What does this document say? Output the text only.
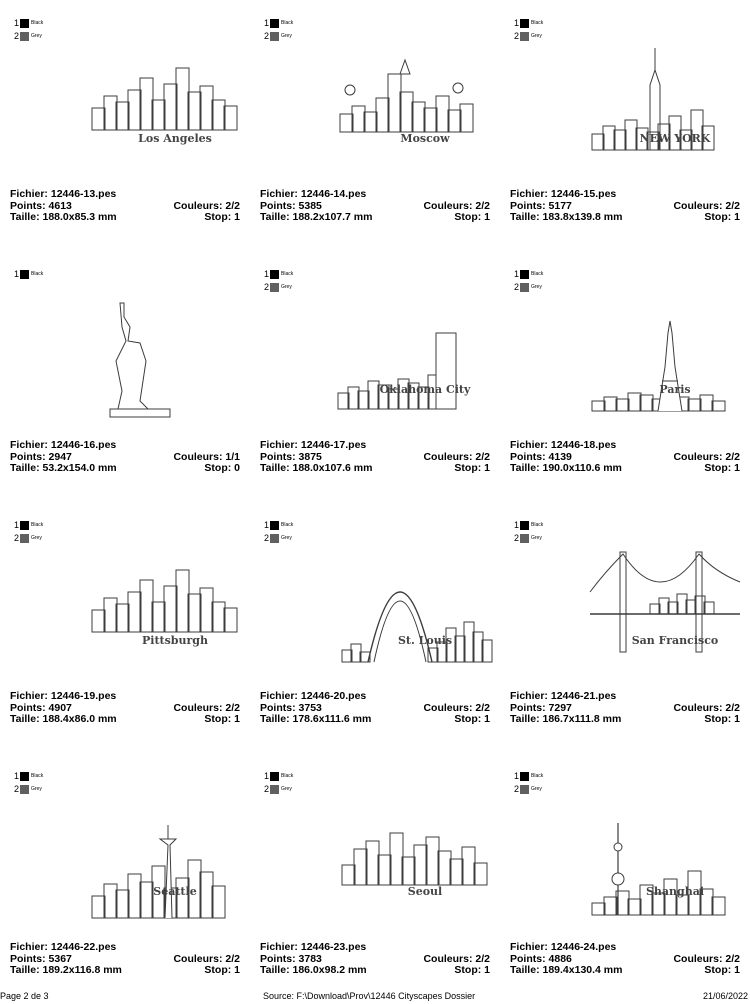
1 Black
2 Grey
Los Angeles
Fichier: 12446-13.pes
Points: 4613	Couleurs: 2/2
Taille: 188.0x85.3 mm	Stop: 1
1 Black
2 Grey
Moscow
Fichier: 12446-14.pes
Points: 5385	Couleurs: 2/2
Taille: 188.2x107.7 mm	Stop: 1
1 Black
2 Grey
NEW YORK
Fichier: 12446-15.pes
Points: 5177	Couleurs: 2/2
Taille: 183.8x139.8 mm	Stop: 1
1 Black
Fichier: 12446-16.pes
Points: 2947	Couleurs: 1/1
Taille: 53.2x154.0 mm	Stop: 0
1 Black
2 Grey
Oklahoma City
Fichier: 12446-17.pes
Points: 3875	Couleurs: 2/2
Taille: 188.0x107.6 mm	Stop: 1
1 Black
2 Grey
Paris
Fichier: 12446-18.pes
Points: 4139	Couleurs: 2/2
Taille: 190.0x110.6 mm	Stop: 1
1 Black
2 Grey
Pittsburgh
Fichier: 12446-19.pes
Points: 4907	Couleurs: 2/2
Taille: 188.4x86.0 mm	Stop: 1
1 Black
2 Grey
St. Louis
Fichier: 12446-20.pes
Points: 3753	Couleurs: 2/2
Taille: 178.6x111.6 mm	Stop: 1
1 Black
2 Grey
San Francisco
Fichier: 12446-21.pes
Points: 7297	Couleurs: 2/2
Taille: 186.7x111.8 mm	Stop: 1
1 Black
2 Grey
Seattle
Fichier: 12446-22.pes
Points: 5367	Couleurs: 2/2
Taille: 189.2x116.8 mm	Stop: 1
1 Black
2 Grey
Seoul
Fichier: 12446-23.pes
Points: 3783	Couleurs: 2/2
Taille: 186.0x98.2 mm	Stop: 1
1 Black
2 Grey
Shanghai
Fichier: 12446-24.pes
Points: 4886	Couleurs: 2/2
Taille: 189.4x130.4 mm	Stop: 1
Page 2 de 3	Source: F:\Download\Prov\12446 Cityscapes Dossier	21/06/2022
